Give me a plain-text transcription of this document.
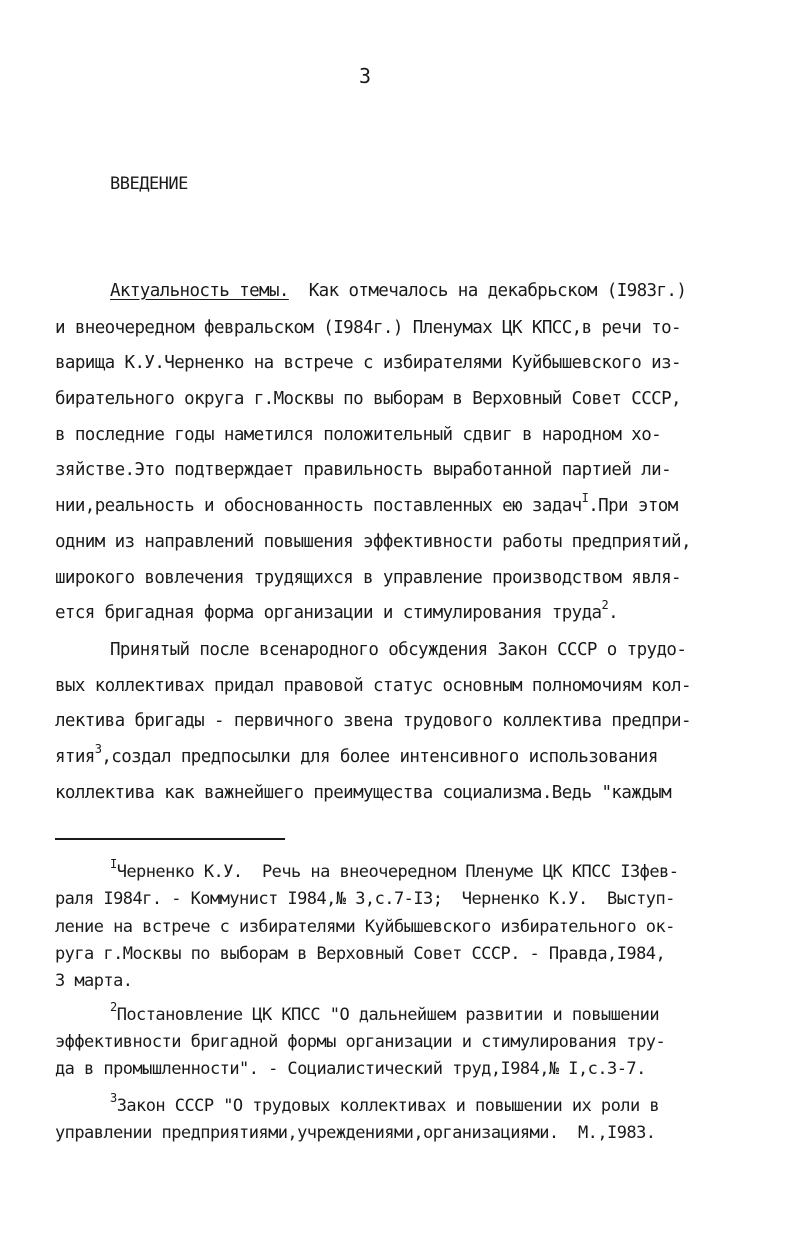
3
ВВЕДЕНИЕ
Актуальность темы.  Как отмечалось на декабрьском (I983г.)
и внеочередном февральском (I984г.) Пленумах ЦК КПСС,в речи то-
варища К.У.Черненко на встрече с избирателями Куйбышевского из-
бирательного округа г.Москвы по выборам в Верховный Совет СССР,
в последние годы наметился положительный сдвиг в народном хо-
зяйстве.Это подтверждает правильность выработанной партией ли-
нии,реальность и обоснованность поставленных ею задач$^I$.При этом
одним из направлений повышения эффективности работы предприятий,
широкого вовлечения трудящихся в управление производством явля-
ется бригадная форма организации и стимулирования труда$^2$.
Принятый после всенародного обсуждения Закон СССР о трудо-
вых коллективах придал правовой статус основным полномочиям кол-
лектива бригады - первичного звена трудового коллектива предпри-
ятия$^3$,создал предпосылки для более интенсивного использования
коллектива как важнейшего преимущества социализма.Ведь "каждым
$^I$Черненко К.У.  Речь на внеочередном Пленуме ЦК КПСС I3фев-
раля I984г. - Коммунист I984,№ 3,с.7-I3;  Черненко К.У.  Выступ-
ление на встрече с избирателями Куйбышевского избирательного ок-
руга г.Москвы по выборам в Верховный Совет СССР. - Правда,I984,
3 марта.
$^2$Постановление ЦК КПСС "О дальнейшем развитии и повышении
эффективности бригадной формы организации и стимулирования тру-
да в промышленности". - Социалистический труд,I984,№ I,с.3-7.
$^3$Закон СССР "О трудовых коллективах и повышении их роли в
управлении предприятиями,учреждениями,организациями.  М.,I983.
